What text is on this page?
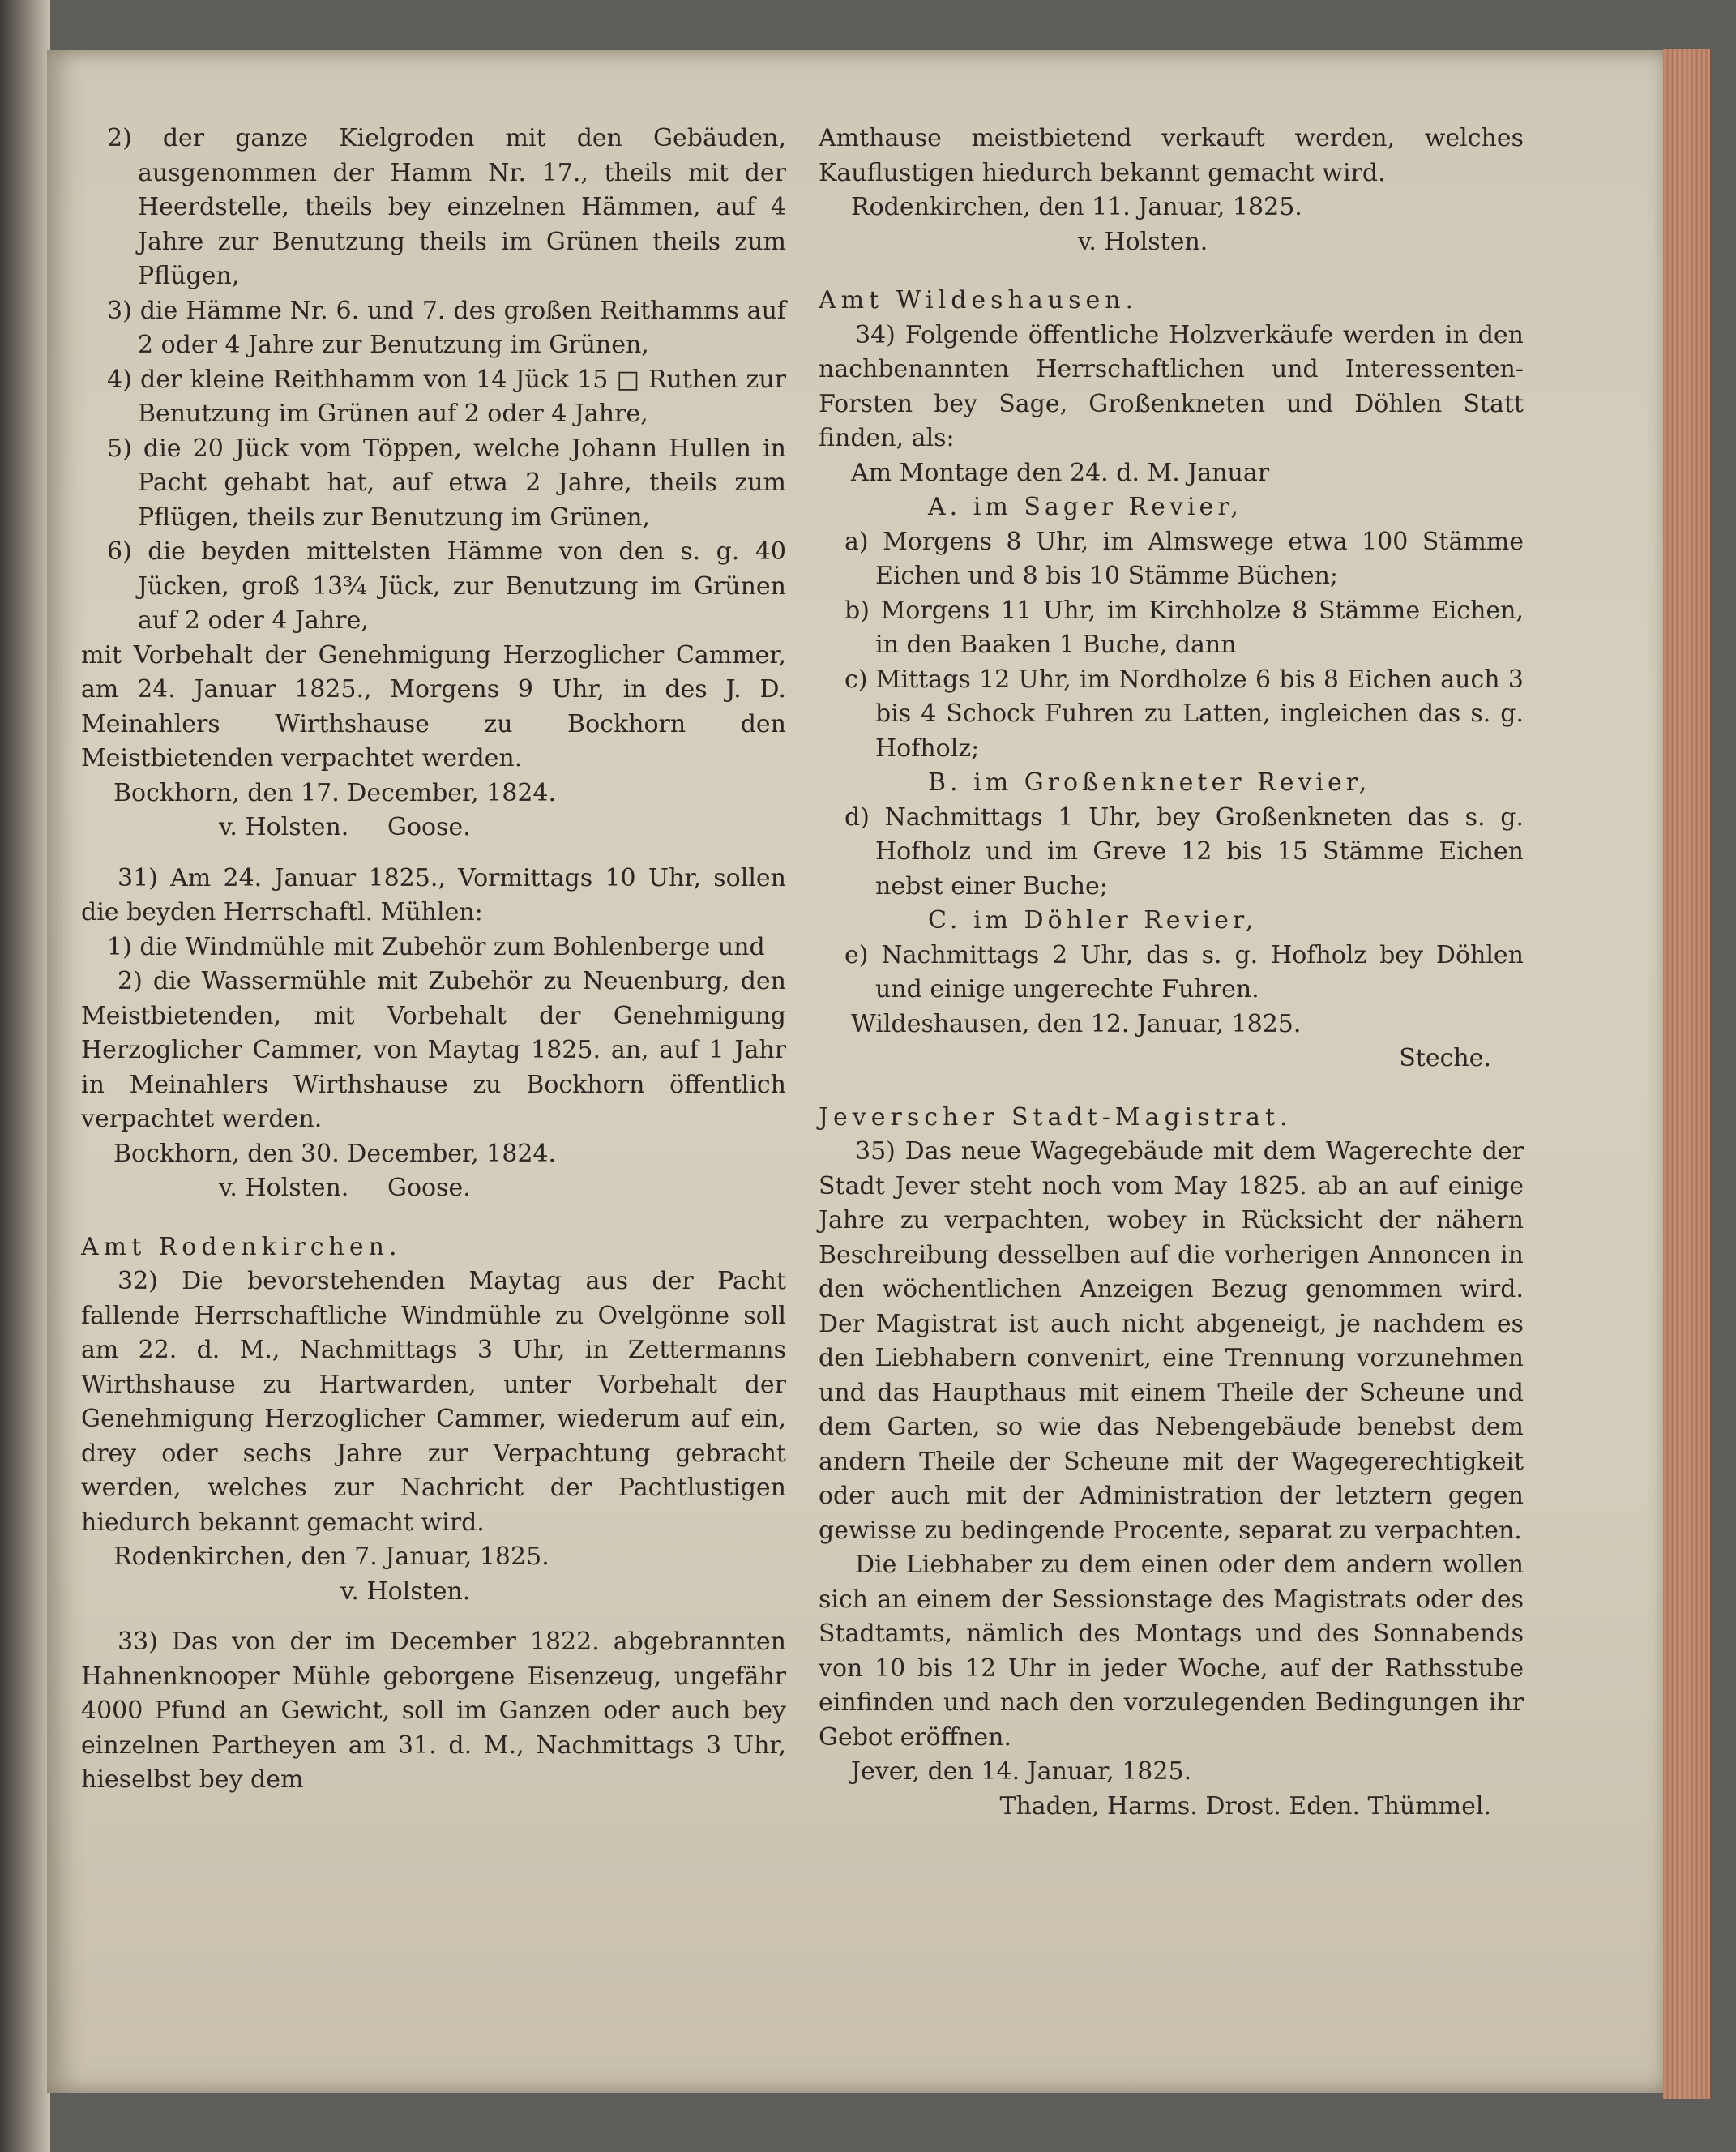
2) der ganze Kielgroden mit den Gebäuden, ausgenommen der Hamm Nr. 17., theils mit der Heerdstelle, theils bey einzelnen Hämmen, auf 4 Jahre zur Benutzung theils im Grünen theils zum Pflügen,

3) die Hämme Nr. 6. und 7. des großen Reithamms auf 2 oder 4 Jahre zur Benutzung im Grünen,

4) der kleine Reithhamm von 14 Jück 15 □ Ruthen zur Benutzung im Grünen auf 2 oder 4 Jahre,

5) die 20 Jück vom Töppen, welche Johann Hullen in Pacht gehabt hat, auf etwa 2 Jahre, theils zum Pflügen, theils zur Benutzung im Grünen,

6) die beyden mittelsten Hämme von den s. g. 40 Jücken, groß 13¾ Jück, zur Benutzung im Grünen auf 2 oder 4 Jahre,

mit Vorbehalt der Genehmigung Herzoglicher Cammer, am 24. Januar 1825., Morgens 9 Uhr, in des J. D. Meinahlers Wirthshause zu Bockhorn den Meistbietenden verpachtet werden.

Bockhorn, den 17. December, 1824.

v. Holsten.     Goose.

31) Am 24. Januar 1825., Vormittags 10 Uhr, sollen die beyden Herrschaftl. Mühlen:

1) die Windmühle mit Zubehör zum Bohlenberge und

2) die Wassermühle mit Zubehör zu Neuenburg, den Meistbietenden, mit Vorbehalt der Genehmigung Herzoglicher Cammer, von Maytag 1825. an, auf 1 Jahr in Meinahlers Wirthshause zu Bockhorn öffentlich verpachtet werden.

Bockhorn, den 30. December, 1824.

v. Holsten.     Goose.

Amt Rodenkirchen.

32) Die bevorstehenden Maytag aus der Pacht fallende Herrschaftliche Windmühle zu Ovelgönne soll am 22. d. M., Nachmittags 3 Uhr, in Zettermanns Wirthshause zu Hartwarden, unter Vorbehalt der Genehmigung Herzoglicher Cammer, wiederum auf ein, drey oder sechs Jahre zur Verpachtung gebracht werden, welches zur Nachricht der Pachtlustigen hiedurch bekannt gemacht wird.

Rodenkirchen, den 7. Januar, 1825.

v. Holsten.

33) Das von der im December 1822. abgebrannten Hahnenknooper Mühle geborgene Eisenzeug, ungefähr 4000 Pfund an Gewicht, soll im Ganzen oder auch bey einzelnen Partheyen am 31. d. M., Nachmittags 3 Uhr, hieselbst bey dem

Amthause meistbietend verkauft werden, welches Kauflustigen hiedurch bekannt gemacht wird.

Rodenkirchen, den 11. Januar, 1825.

v. Holsten.

Amt Wildeshausen.

34) Folgende öffentliche Holzverkäufe werden in den nachbenannten Herrschaftlichen und Interessenten-Forsten bey Sage, Großenkneten und Döhlen Statt finden, als:

Am Montage den 24. d. M. Januar

A. im Sager Revier,

a) Morgens 8 Uhr, im Almswege etwa 100 Stämme Eichen und 8 bis 10 Stämme Büchen;

b) Morgens 11 Uhr, im Kirchholze 8 Stämme Eichen, in den Baaken 1 Buche, dann

c) Mittags 12 Uhr, im Nordholze 6 bis 8 Eichen auch 3 bis 4 Schock Fuhren zu Latten, ingleichen das s. g. Hofholz;

B. im Großenkneter Revier,

d) Nachmittags 1 Uhr, bey Großenkneten das s. g. Hofholz und im Greve 12 bis 15 Stämme Eichen nebst einer Buche;

C. im Döhler Revier,

e) Nachmittags 2 Uhr, das s. g. Hofholz bey Döhlen und einige ungerechte Fuhren.

Wildeshausen, den 12. Januar, 1825.

Steche.

Jeverscher Stadt-Magistrat.

35) Das neue Wagegebäude mit dem Wagerechte der Stadt Jever steht noch vom May 1825. ab an auf einige Jahre zu verpachten, wobey in Rücksicht der nähern Beschreibung desselben auf die vorherigen Annoncen in den wöchentlichen Anzeigen Bezug genommen wird. Der Magistrat ist auch nicht abgeneigt, je nachdem es den Liebhabern convenirt, eine Trennung vorzunehmen und das Haupthaus mit einem Theile der Scheune und dem Garten, so wie das Nebengebäude benebst dem andern Theile der Scheune mit der Wagegerechtigkeit oder auch mit der Administration der letztern gegen gewisse zu bedingende Procente, separat zu verpachten.

Die Liebhaber zu dem einen oder dem andern wollen sich an einem der Sessionstage des Magistrats oder des Stadtamts, nämlich des Montags und des Sonnabends von 10 bis 12 Uhr in jeder Woche, auf der Rathsstube einfinden und nach den vorzulegenden Bedingungen ihr Gebot eröffnen.

Jever, den 14. Januar, 1825.

Thaden, Harms. Drost. Eden. Thümmel.
